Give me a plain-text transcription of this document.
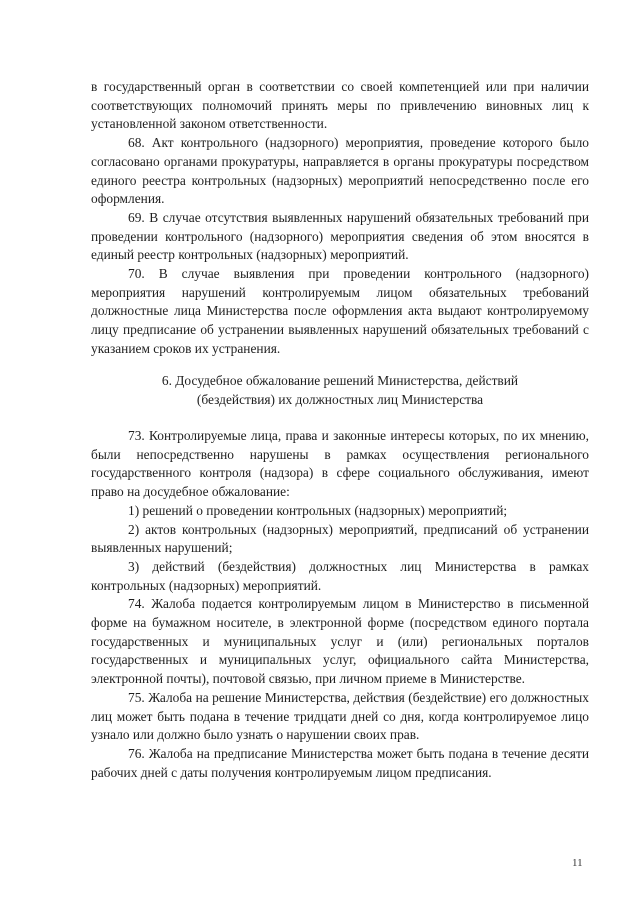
в государственный орган в соответствии со своей компетенцией или при наличии соответствующих полномочий принять меры по привлечению виновных лиц к установленной законом ответственности.

68. Акт контрольного (надзорного) мероприятия, проведение которого было согласовано органами прокуратуры, направляется в органы прокуратуры посредством единого реестра контрольных (надзорных) мероприятий непосредственно после его оформления.

69. В случае отсутствия выявленных нарушений обязательных требований при проведении контрольного (надзорного) мероприятия сведения об этом вносятся в единый реестр контрольных (надзорных) мероприятий.

70. В случае выявления при проведении контрольного (надзорного) мероприятия нарушений контролируемым лицом обязательных требований должностные лица Министерства после оформления акта выдают контролируемому лицу предписание об устранении выявленных нарушений обязательных требований с указанием сроков их устранения.

6. Досудебное обжалование решений Министерства, действий

(бездействия) их должностных лиц Министерства

73. Контролируемые лица, права и законные интересы которых, по их мнению, были непосредственно нарушены в рамках осуществления регионального государственного контроля (надзора) в сфере социального обслуживания, имеют право на досудебное обжалование:

1) решений о проведении контрольных (надзорных) мероприятий;

2) актов контрольных (надзорных) мероприятий, предписаний об устранении выявленных нарушений;

3) действий (бездействия) должностных лиц Министерства в рамках контрольных (надзорных) мероприятий.

74. Жалоба подается контролируемым лицом в Министерство в письменной форме на бумажном носителе, в электронной форме (посредством единого портала государственных и муниципальных услуг и (или) региональных порталов государственных и муниципальных услуг, официального сайта Министерства, электронной почты), почтовой связью, при личном приеме в Министерстве.

75. Жалоба на решение Министерства, действия (бездействие) его должностных лиц может быть подана в течение тридцати дней со дня, когда контролируемое лицо узнало или должно было узнать о нарушении своих прав.

76. Жалоба на предписание Министерства может быть подана в течение десяти рабочих дней с даты получения контролируемым лицом предписания.

11
